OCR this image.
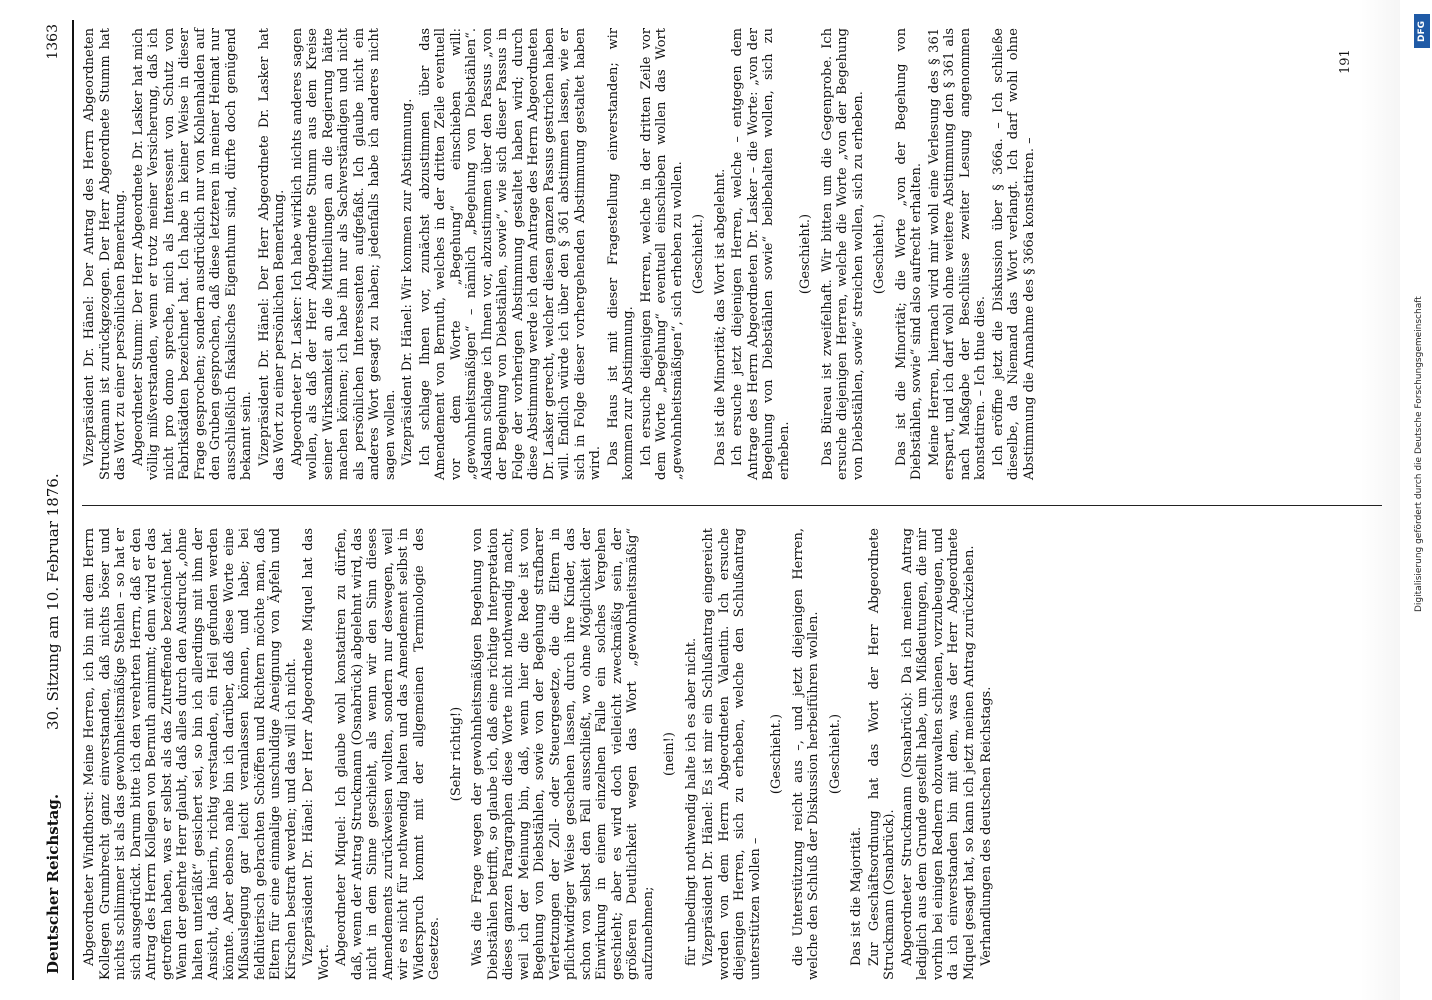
Deutscher Reichstag.
30. Sitzung am 10. Februar 1876.
1363

Abgeordneter Windthorst: Meine Herren, ich bin mit dem Herrn Kollegen Grumbrecht ganz einverstanden, daß nichts böser und nichts schlimmer ist als das gewohnheitsmäßige Stehlen – so hat er sich ausgedrückt. Darum bitte ich den verehrten Herrn, daß er den Antrag des Herrn Kollegen von Bernuth annimmt; denn wird er das getroffen haben, was er selbst als das Zutreffende bezeichnet hat. Wenn der geehrte Herr glaubt, daß alles durch den Ausdruck „ohne halten unterläßt“ gesichert sei, so bin ich allerdings mit ihm der Ansicht, daß hierin, richtig verstanden, ein Heil gefunden werden könnte. Aber ebenso nahe bin ich darüber, daß diese Worte eine Mißauslegung gar leicht veranlassen können, und habe; bei feldhüterisch gebrachten Schöffen und Richtern möchte man, daß Eltern für eine einmalige unschuldige Aneignung von Äpfeln und Kirschen bestraft werden; und das will ich nicht. Vizepräsident Dr. Hänel: Der Herr Abgeordnete Miquel hat das Wort. Abgeordneter Miquel: Ich glaube wohl konstatiren zu dürfen, daß, wenn der Antrag Struckmann (Osnabrück) abgelehnt wird, das nicht in dem Sinne geschieht, als wenn wir den Sinn dieses Amendements zurückweisen wollten, sondern nur deswegen, weil wir es nicht für nothwendig halten und das Amendement selbst in Widerspruch kommt mit der allgemeinen Terminologie des Gesetzes.

(Sehr richtig!) Was die Frage wegen der gewohnheitsmäßigen Begehung von Diebstählen betrifft, so glaube ich, daß eine richtige Interpretation dieses ganzen Paragraphen diese Worte nicht nothwendig macht, weil ich der Meinung bin, daß, wenn hier die Rede ist von Begehung von Diebstählen, sowie von der Begehung strafbarer Verletzungen der Zoll- oder Steuergesetze, die die Eltern in pflichtwidriger Weise geschehen lassen, durch ihre Kinder, das schon von selbst den Fall ausschließt, wo ohne Möglichkeit der Einwirkung in einem einzelnen Falle ein solches Vergehen geschieht; aber es wird doch vielleicht zweckmäßig sein, der größeren Deutlichkeit wegen das Wort „gewohnheitsmäßig“ aufzunehmen;

(nein!) für unbedingt nothwendig halte ich es aber nicht. Vizepräsident Dr. Hänel: Es ist mir ein Schlußantrag eingereicht worden von dem Herrn Abgeordneten Valentin. Ich ersuche diejenigen Herren, sich zu erheben, welche den Schlußantrag unterstützen wollen –

(Geschieht.) die Unterstützung reicht aus –, und jetzt diejenigen Herren, welche den Schluß der Diskussion herbeiführen wollen. (Geschieht.)

Das ist die Majorität. Zur Geschäftsordnung hat das Wort der Herr Abgeordnete Struckmann (Osnabrück). Abgeordneter Struckmann (Osnabrück): Da ich meinen Antrag lediglich aus dem Grunde gestellt habe, um Mißdeutungen, die mir vorhin bei einigen Rednern obzuwalten schienen, vorzubeugen, und da ich einverstanden bin mit dem, was der Herr Abgeordnete Miquel gesagt hat, so kann ich jetzt meinen Antrag zurückziehen. Verhandlungen des deutschen Reichstags.

Vizepräsident Dr. Hänel: Der Antrag des Herrn Abgeordneten Struckmann ist zurückgezogen. Der Herr Abgeordnete Stumm hat das Wort zu einer persönlichen Bemerkung. Abgeordneter Stumm: Der Herr Abgeordnete Dr. Lasker hat mich völlig mißverstanden, wenn er trotz meiner Versicherung, daß ich nicht pro domo spreche, mich als Interessent von Schutz von Fabrikstädten bezeichnet hat. Ich habe in keiner Weise in dieser Frage gesprochen; sondern ausdrücklich nur von Kohlenhalden auf den Gruben gesprochen, daß diese letzteren in meiner Heimat nur ausschließlich fiskalisches Eigenthum sind, dürfte doch genügend bekannt sein. Vizepräsident Dr. Hänel: Der Herr Abgeordnete Dr. Lasker hat das Wort zu einer persönlichen Bemerkung. Abgeordneter Dr. Lasker: Ich habe wirklich nichts anderes sagen wollen, als daß der Herr Abgeordnete Stumm aus dem Kreise seiner Wirksamkeit an die Mittheilungen an die Regierung hätte machen können; ich habe ihn nur als Sachverständigen und nicht als persönlichen Interessenten aufgefaßt. Ich glaube nicht ein anderes Wort gesagt zu haben; jedenfalls habe ich anderes nicht sagen wollen. Vizepräsident Dr. Hänel: Wir kommen zur Abstimmung. Ich schlage Ihnen vor, zunächst abzustimmen über das Amendement von Bernuth, welches in der dritten Zeile eventuell vor dem Worte „Begehung“ einschieben will: „gewohnheitsmäßigen“ – nämlich „Begehung von Diebstählen“. Alsdann schlage ich Ihnen vor, abzustimmen über den Passus „von der Begehung von Diebstählen, sowie“, wie sich dieser Passus in Folge der vorherigen Abstimmung gestaltet haben wird; durch diese Abstimmung werde ich dem Antrage des Herrn Abgeordneten Dr. Lasker gerecht, welcher diesen ganzen Passus gestrichen haben will. Endlich würde ich über den § 361 abstimmen lassen, wie er sich in Folge dieser vorhergehenden Abstimmung gestaltet haben wird. Das Haus ist mit dieser Fragestellung einverstanden; wir kommen zur Abstimmung. Ich ersuche diejenigen Herren, welche in der dritten Zeile vor dem Worte „Begehung“ eventuell einschieben wollen das Wort „gewohnheitsmäßigen“, sich erheben zu wollen. (Geschieht.) Das ist die Minorität; das Wort ist abgelehnt. Ich ersuche jetzt diejenigen Herren, welche – entgegen dem Antrage des Herrn Abgeordneten Dr. Lasker – die Worte: „von der Begehung von Diebstählen sowie“ beibehalten wollen, sich zu erheben.

(Geschieht.) Das Büreau ist zweifelhaft. Wir bitten um die Gegenprobe. Ich ersuche diejenigen Herren, welche die Worte „von der Begehung von Diebstählen, sowie“ streichen wollen, sich zu erheben. (Geschieht.) Das ist die Minorität; die Worte „von der Begehung von Diebstählen, sowie“ sind also aufrecht erhalten. Meine Herren, hiernach wird mir wohl eine Verlesung des § 361 erspart, und ich darf wohl ohne weitere Abstimmung den § 361 als nach Maßgabe der Beschlüsse zweiter Lesung angenommen konstatiren. – Ich thue dies. Ich eröffne jetzt die Diskussion über § 366a. – Ich schließe dieselbe, da Niemand das Wort verlangt. Ich darf wohl ohne Abstimmung die Annahme des § 366a konstatiren. –

191
DFG
Digitalisierung gefördert durch die Deutsche Forschungsgemeinschaft
